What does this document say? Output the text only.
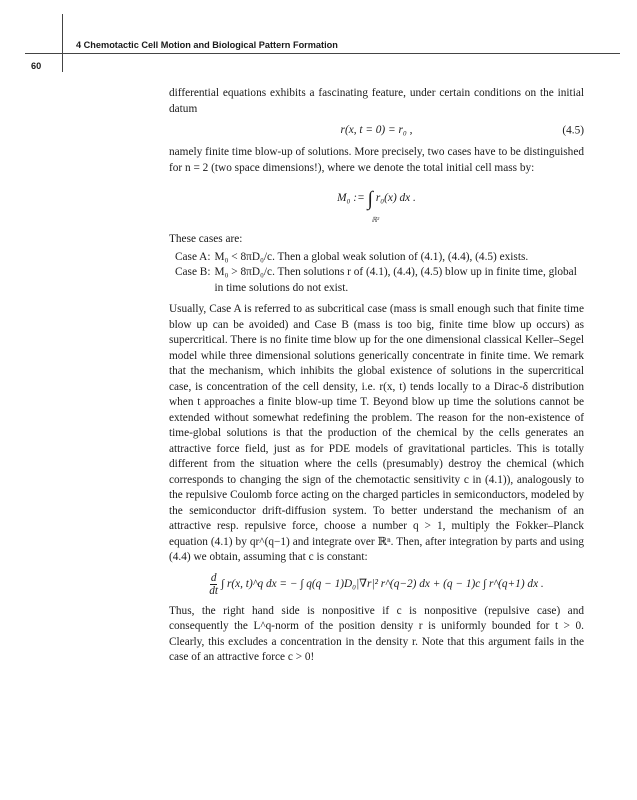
4 Chemotactic Cell Motion and Biological Pattern Formation
60

differential equations exhibits a fascinating feature, under certain conditions on the initial datum

r(x, t = 0) = r₀ ,	(4.5)

namely finite time blow-up of solutions. More precisely, two cases have to be distinguished for n = 2 (two space dimensions!), where we denote the total initial cell mass by:

M₀ :=
∫
ℝ²

r₀(x) dx .

These cases are:

Case A: M₀ < 8πD₀/c. Then a global weak solution of (4.1), (4.4), (4.5) exists.
Case B: M₀ > 8πD₀/c. Then solutions r of (4.1), (4.4), (4.5) blow up in finite time, global in time solutions do not exist.

Usually, Case A is referred to as subcritical case (mass is small enough such that finite time blow up can be avoided) and Case B (mass is too big, finite time blow up occurs) as supercritical. There is no finite time blow up for the one dimensional classical Keller–Segel model while three dimensional solutions generically concentrate in finite time. We remark that the mechanism, which inhibits the global existence of solutions in the supercritical case, is concentration of the cell density, i.e. r(x, t) tends locally to a Dirac-δ distribution when t approaches a finite blow-up time T. Beyond blow up time the solutions cannot be extended without somewhat redefining the problem. The reason for the non-existence of time-global solutions is that the production of the chemical by the cells generates an attractive force field, just as for PDE models of gravitational particles. This is totally different from the situation where the cells (presumably) destroy the chemical (which corresponds to changing the sign of the chemotactic sensitivity c in (4.1)), analogously to the repulsive Coulomb force acting on the charged particles in semiconductors, modeled by the semiconductor drift-diffusion system. To better understand the mechanism of an attractive resp. repulsive force, choose a number q > 1, multiply the Fokker–Planck equation (4.1) by qr^(q−1) and integrate over ℝⁿ. Then, after integration by parts and using (4.4) we obtain, assuming that c is constant:

$\frac{d}{dt}$ ∫ r(x, t)^q dx = − ∫ q(q − 1)D₀|∇r|² r^(q−2) dx + (q − 1)c ∫ r^(q+1) dx .

Thus, the right hand side is nonpositive if c is nonpositive (repulsive case) and consequently the L^q-norm of the position density r is uniformly bounded for t > 0. Clearly, this excludes a concentration in the density r. Note that this argument fails in the case of an attractive force c > 0!
